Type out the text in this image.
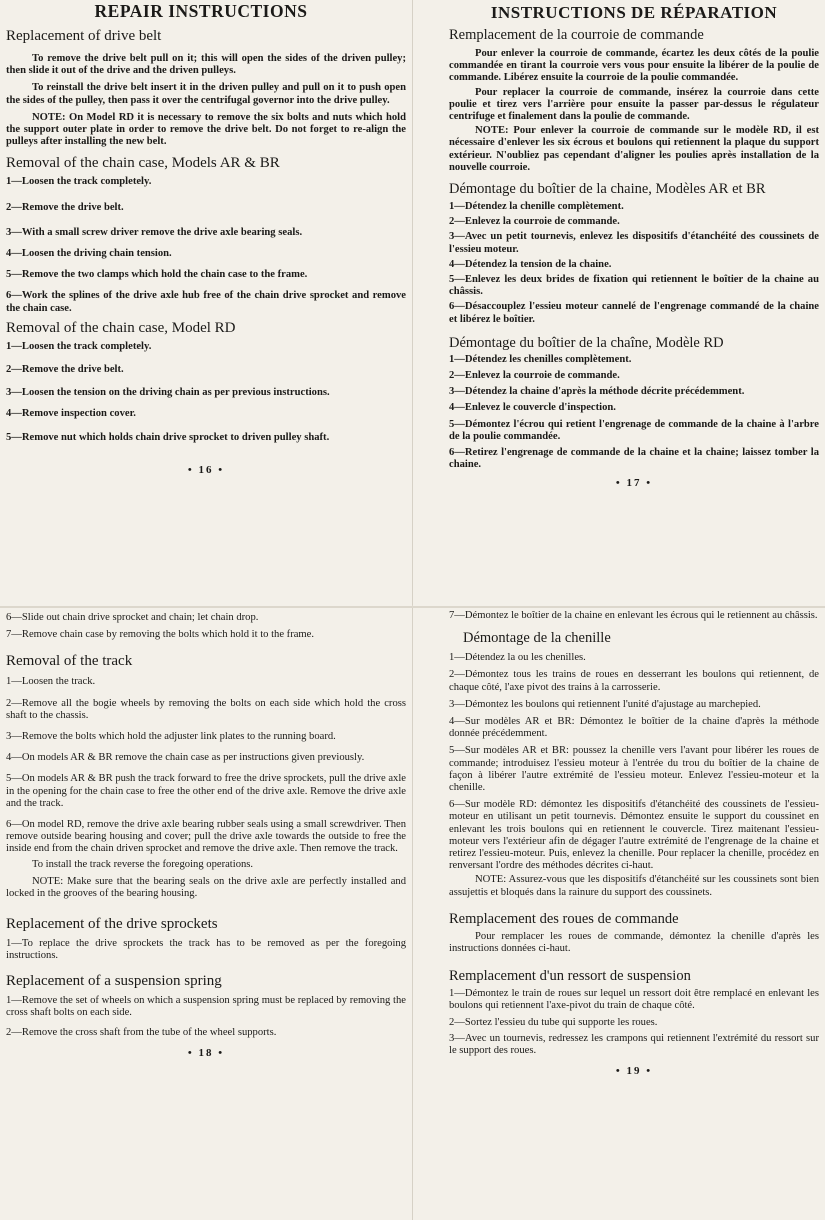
REPAIR INSTRUCTIONS
Replacement of drive belt

To remove the drive belt pull on it; this will open the sides of the driven pulley; then slide it out of the drive and the driven pulleys.

To reinstall the drive belt insert it in the driven pulley and pull on it to push open the sides of the pulley, then pass it over the centrifugal governor into the drive pulley.

NOTE: On Model RD it is necessary to remove the six bolts and nuts which hold the support outer plate in order to remove the drive belt. Do not forget to re-align the pulleys after installing the new belt.

Removal of the chain case, Models AR & BR
1—Loosen the track completely.
2—Remove the drive belt.
3—With a small screw driver remove the drive axle bearing seals.
4—Loosen the driving chain tension.
5—Remove the two clamps which hold the chain case to the frame.
6—Work the splines of the drive axle hub free of the chain drive sprocket and remove the chain case.
Removal of the chain case, Model RD
1—Loosen the track completely.
2—Remove the drive belt.
3—Loosen the tension on the driving chain as per previous instructions.
4—Remove inspection cover.
5—Remove nut which holds chain drive sprocket to driven pulley shaft.
• 16 •
INSTRUCTIONS DE RÉPARATION
Remplacement de la courroie de commande

Pour enlever la courroie de commande, écartez les deux côtés de la poulie commandée en tirant la courroie vers vous pour ensuite la libérer de la poulie de commande. Libérez ensuite la courroie de la poulie commandée.

Pour replacer la courroie de commande, insérez la courroie dans cette poulie et tirez vers l'arrière pour ensuite la passer par-dessus le régulateur centrifuge et finalement dans la poulie de commande.

NOTE: Pour enlever la courroie de commande sur le modèle RD, il est nécessaire d'enlever les six écrous et boulons qui retiennent la plaque du support extérieur. N'oubliez pas cependant d'aligner les poulies après installation de la nouvelle courroie.

Démontage du boîtier de la chaine, Modèles AR et BR
1—Détendez la chenille complètement.
2—Enlevez la courroie de commande.
3—Avec un petit tournevis, enlevez les dispositifs d'étanchéité des coussinets de l'essieu moteur.
4—Détendez la tension de la chaine.
5—Enlevez les deux brides de fixation qui retiennent le boîtier de la chaine au châssis.
6—Désaccouplez l'essieu moteur cannelé de l'engrenage commandé de la chaine et libérez le boîtier.
Démontage du boîtier de la chaîne, Modèle RD
1—Détendez les chenilles complètement.
2—Enlevez la courroie de commande.
3—Détendez la chaine d'après la méthode décrite précédemment.
4—Enlevez le couvercle d'inspection.
5—Démontez l'écrou qui retient l'engrenage de commande de la chaine à l'arbre de la poulie commandée.
6—Retirez l'engrenage de commande de la chaine et la chaine; laissez tomber la chaine.
• 17 •
6—Slide out chain drive sprocket and chain; let chain drop.
7—Remove chain case by removing the bolts which hold it to the frame.
Removal of the track
1—Loosen the track.
2—Remove all the bogie wheels by removing the bolts on each side which hold the cross shaft to the chassis.
3—Remove the bolts which hold the adjuster link plates to the running board.
4—On models AR & BR remove the chain case as per instructions given previously.
5—On models AR & BR push the track forward to free the drive sprockets, pull the drive axle in the opening for the chain case to free the other end of the drive axle. Remove the drive axle and the track.
6—On model RD, remove the drive axle bearing rubber seals using a small screwdriver. Then remove outside bearing housing and cover; pull the drive axle towards the outside to free the inside end from the chain driven sprocket and remove the drive axle. Then remove the track.

To install the track reverse the foregoing operations.

NOTE: Make sure that the bearing seals on the drive axle are perfectly installed and locked in the grooves of the bearing housing.

Replacement of the drive sprockets
1—To replace the drive sprockets the track has to be removed as per the foregoing instructions.
Replacement of a suspension spring
1—Remove the set of wheels on which a suspension spring must be replaced by removing the cross shaft bolts on each side.
2—Remove the cross shaft from the tube of the wheel supports.
• 18 •
7—Démontez le boîtier de la chaine en enlevant les écrous qui le retiennent au châssis.
Démontage de la chenille
1—Détendez la ou les chenilles.
2—Démontez tous les trains de roues en desserrant les boulons qui retiennent, de chaque côté, l'axe pivot des trains à la carrosserie.
3—Démontez les boulons qui retiennent l'unité d'ajustage au marchepied.
4—Sur modèles AR et BR: Démontez le boîtier de la chaine d'après la méthode donnée précédemment.
5—Sur modèles AR et BR: poussez la chenille vers l'avant pour libérer les roues de commande; introduisez l'essieu moteur à l'entrée du trou du boîtier de la chaine de façon à libérer l'autre extrémité de l'essieu moteur. Enlevez l'essieu-moteur et la chenille.
6—Sur modèle RD: démontez les dispositifs d'étanchéité des coussinets de l'essieu-moteur en utilisant un petit tournevis. Démontez ensuite le support du coussinet en enlevant les trois boulons qui en retiennent le couvercle. Tirez maitenant l'essieu-moteur vers l'extérieur afin de dégager l'autre extrémité de l'engrenage de la chaine et retirez l'essieu-moteur. Puis, enlevez la chenille. Pour replacer la chenille, procédez en renversant l'ordre des méthodes décrites ci-haut.

NOTE: Assurez-vous que les dispositifs d'étanchéité sur les coussinets sont bien assujettis et bloqués dans la rainure du support des coussinets.

Remplacement des roues de commande

Pour remplacer les roues de commande, démontez la chenille d'après les instructions données ci-haut.

Remplacement d'un ressort de suspension
1—Démontez le train de roues sur lequel un ressort doit être remplacé en enlevant les boulons qui retiennent l'axe-pivot du train de chaque côté.
2—Sortez l'essieu du tube qui supporte les roues.
3—Avec un tournevis, redressez les crampons qui retiennent l'extrémité du ressort sur le support des roues.
• 19 •
